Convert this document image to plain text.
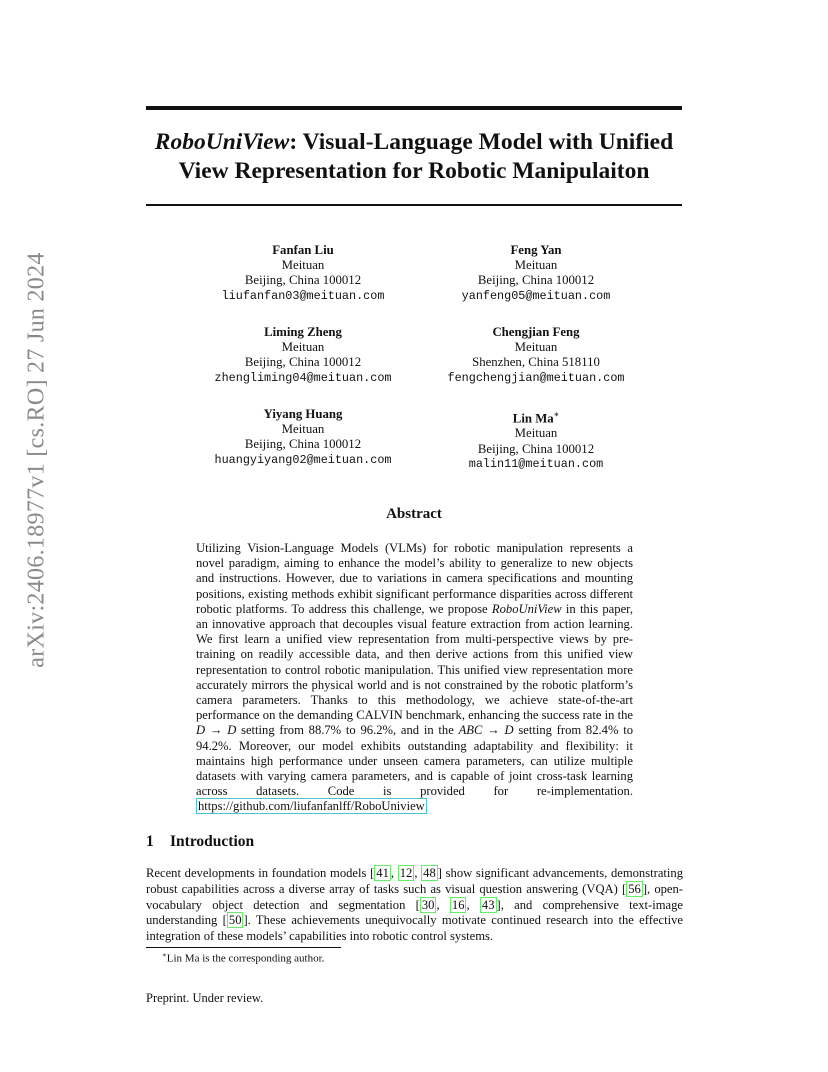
arXiv:2406.18977v1 [cs.RO] 27 Jun 2024
RoboUniView: Visual-Language Model with Unified
View Representation for Robotic Manipulaiton
Fanfan Liu
Meituan
Beijing, China 100012
liufanfan03@meituan.com
Feng Yan
Meituan
Beijing, China 100012
yanfeng05@meituan.com
Liming Zheng
Meituan
Beijing, China 100012
zhengliming04@meituan.com
Chengjian Feng
Meituan
Shenzhen, China 518110
fengchengjian@meituan.com
Yiyang Huang
Meituan
Beijing, China 100012
huangyiyang02@meituan.com
Lin Ma∗
Meituan
Beijing, China 100012
malin11@meituan.com
Abstract
Utilizing Vision-Language Models (VLMs) for robotic manipulation represents a novel paradigm, aiming to enhance the model’s ability to generalize to new objects and instructions. However, due to variations in camera specifications and mounting positions, existing methods exhibit significant performance disparities across different robotic platforms. To address this challenge, we propose RoboUniView in this paper, an innovative approach that decouples visual feature extraction from action learning. We first learn a unified view representation from multi-perspective views by pre-training on readily accessible data, and then derive actions from this unified view representation to control robotic manipulation. This unified view representation more accurately mirrors the physical world and is not constrained by the robotic platform’s camera parameters. Thanks to this methodology, we achieve state-of-the-art performance on the demanding CALVIN benchmark, enhancing the success rate in the D → D setting from 88.7% to 96.2%, and in the ABC → D setting from 82.4% to 94.2%. Moreover, our model exhibits outstanding adaptability and flexibility: it maintains high performance under unseen camera parameters, can utilize multiple datasets with varying camera parameters, and is capable of joint cross-task learning across datasets. Code is provided for re-implementation. https://github.com/liufanfanlff/RoboUniview
1 Introduction
Recent developments in foundation models [ 41 , 12 , 48 ] show significant advancements, demonstrating robust capabilities across a diverse array of tasks such as visual question answering (VQA) [ 56 ], open-vocabulary object detection and segmentation [ 30 , 16 , 43 ], and comprehensive text-image understanding [ 50 ]. These achievements unequivocally motivate continued research into the effective integration of these models’ capabilities into robotic control systems.
∗Lin Ma is the corresponding author.
Preprint. Under review.
